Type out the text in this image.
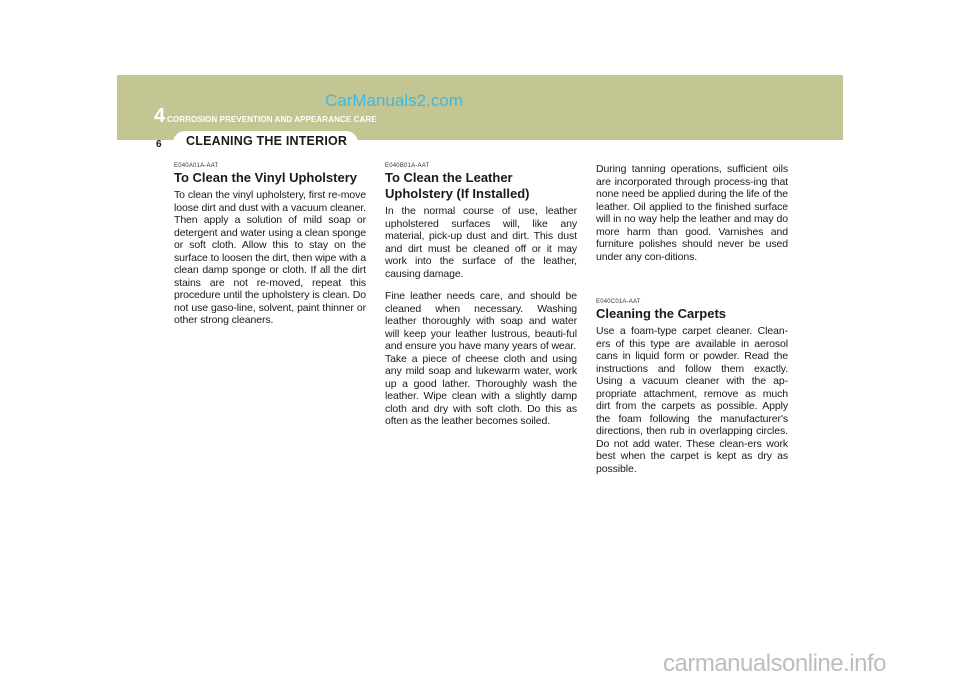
4 CORROSION PREVENTION AND APPEARANCE CARE
CarManuals2.com
CLEANING THE INTERIOR
6
E040A01A-AAT
To Clean the Vinyl Upholstery

To clean the vinyl upholstery, first re-move loose dirt and dust with a vacuum cleaner. Then apply a solution of mild soap or detergent and water using a clean sponge or soft cloth. Allow this to stay on the surface to loosen the dirt, then wipe with a clean damp sponge or cloth. If all the dirt stains are not re-moved, repeat this procedure until the upholstery is clean. Do not use gaso-line, solvent, paint thinner or other strong cleaners.

E040B01A-AAT
To Clean the Leather Upholstery (If Installed)

In the normal course of use, leather upholstered surfaces will, like any material, pick-up dust and dirt. This dust and dirt must be cleaned off or it may work into the surface of the leather, causing damage.

Fine leather needs care, and should be cleaned when necessary. Washing leather thoroughly with soap and water will keep your leather lustrous, beauti-ful and ensure you have many years of wear.

Take a piece of cheese cloth and using any mild soap and lukewarm water, work up a good lather. Thoroughly wash the leather. Wipe clean with a slightly damp cloth and dry with soft cloth. Do this as often as the leather becomes soiled.

During tanning operations, sufficient oils are incorporated through process-ing that none need be applied during the life of the leather. Oil applied to the finished surface will in no way help the leather and may do more harm than good. Varnishes and furniture polishes should never be used under any con-ditions.

E040C01A-AAT
Cleaning the Carpets

Use a foam-type carpet cleaner. Clean-ers of this type are available in aerosol cans in liquid form or powder. Read the instructions and follow them exactly. Using a vacuum cleaner with the ap-propriate attachment, remove as much dirt from the carpets as possible. Apply the foam following the manufacturer's directions, then rub in overlapping circles. Do not add water. These clean-ers work best when the carpet is kept as dry as possible.

carmanualsonline.info
